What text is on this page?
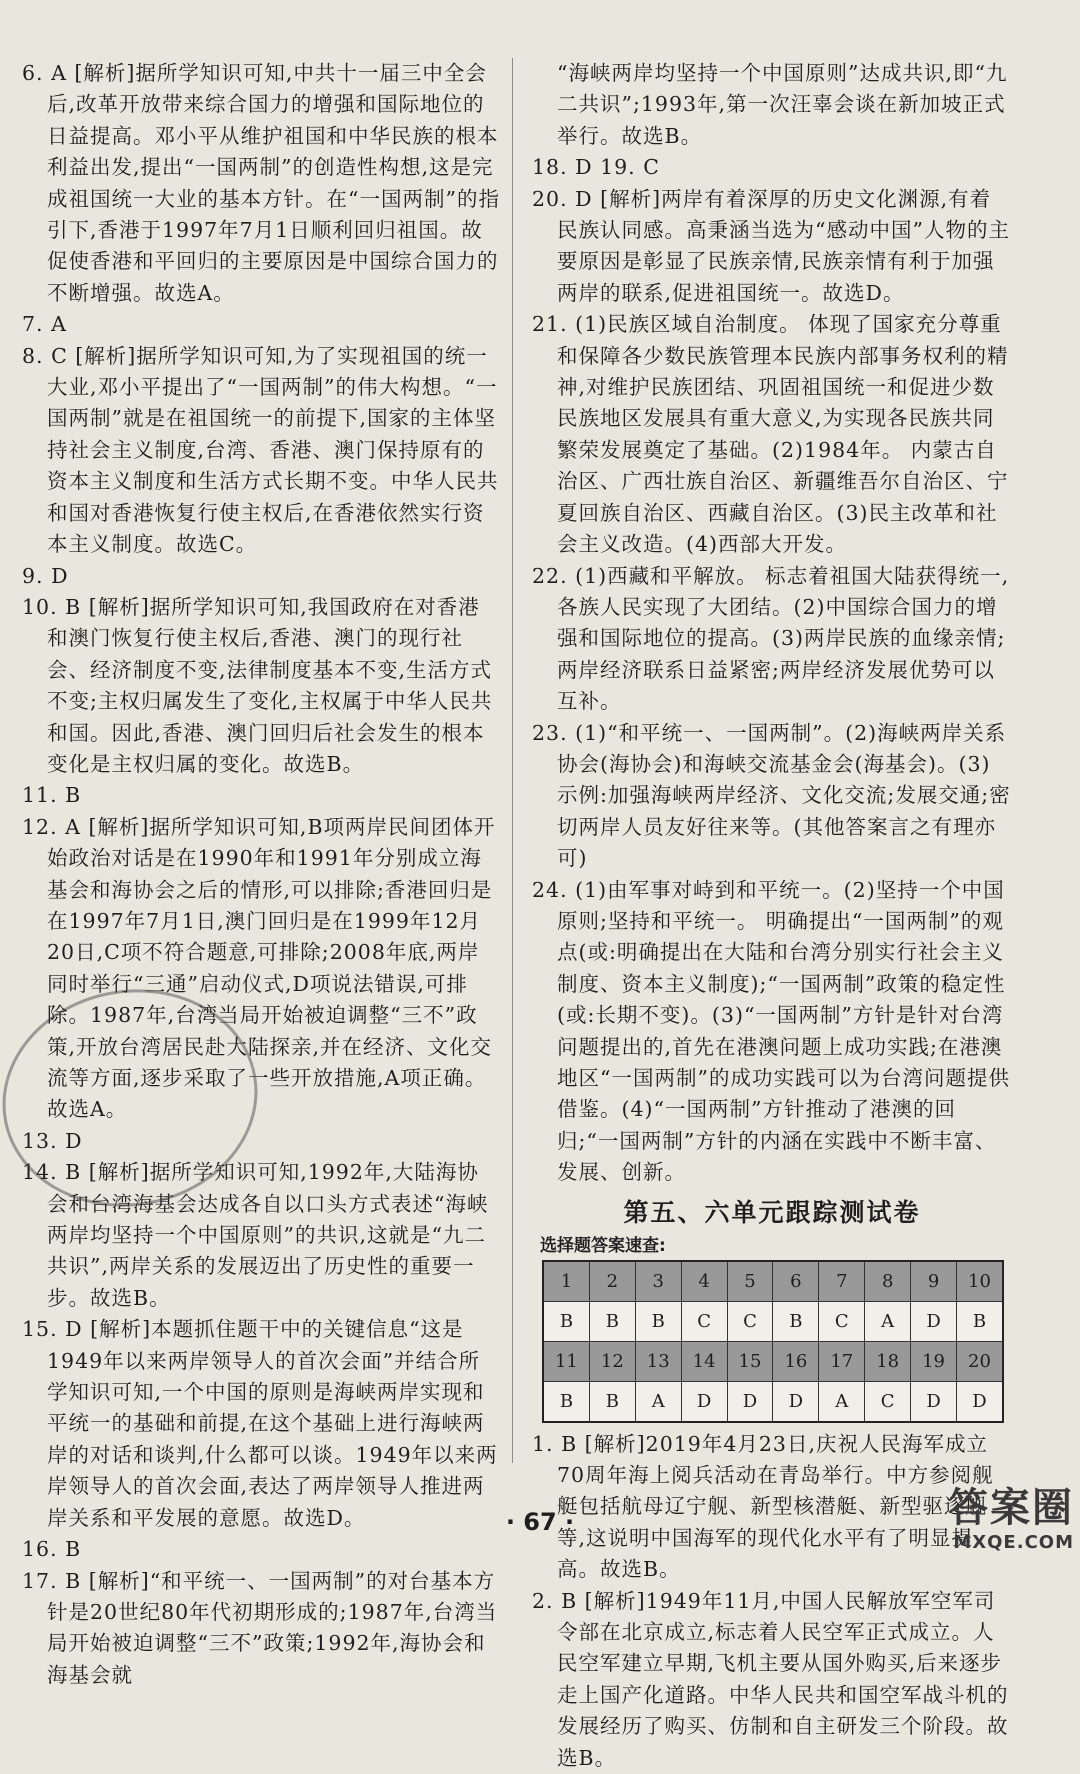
6. A [解析]据所学知识可知,中共十一届三中全会后,改革开放带来综合国力的增强和国际地位的日益提高。邓小平从维护祖国和中华民族的根本利益出发,提出“一国两制”的创造性构想,这是完成祖国统一大业的基本方针。在“一国两制”的指引下,香港于1997年7月1日顺利回归祖国。故促使香港和平回归的主要原因是中国综合国力的不断增强。故选A。
7. A
8. C [解析]据所学知识可知,为了实现祖国的统一大业,邓小平提出了“一国两制”的伟大构想。“一国两制”就是在祖国统一的前提下,国家的主体坚持社会主义制度,台湾、香港、澳门保持原有的资本主义制度和生活方式长期不变。中华人民共和国对香港恢复行使主权后,在香港依然实行资本主义制度。故选C。
9. D
10. B [解析]据所学知识可知,我国政府在对香港和澳门恢复行使主权后,香港、澳门的现行社会、经济制度不变,法律制度基本不变,生活方式不变;主权归属发生了变化,主权属于中华人民共和国。因此,香港、澳门回归后社会发生的根本变化是主权归属的变化。故选B。
11. B
12. A [解析]据所学知识可知,B项两岸民间团体开始政治对话是在1990年和1991年分别成立海基会和海协会之后的情形,可以排除;香港回归是在1997年7月1日,澳门回归是在1999年12月20日,C项不符合题意,可排除;2008年底,两岸同时举行“三通”启动仪式,D项说法错误,可排除。1987年,台湾当局开始被迫调整“三不”政策,开放台湾居民赴大陆探亲,并在经济、文化交流等方面,逐步采取了一些开放措施,A项正确。故选A。
13. D
14. B [解析]据所学知识可知,1992年,大陆海协会和台湾海基会达成各自以口头方式表述“海峡两岸均坚持一个中国原则”的共识,这就是“九二共识”,两岸关系的发展迈出了历史性的重要一步。故选B。
15. D [解析]本题抓住题干中的关键信息“这是1949年以来两岸领导人的首次会面”并结合所学知识可知,一个中国的原则是海峡两岸实现和平统一的基础和前提,在这个基础上进行海峡两岸的对话和谈判,什么都可以谈。1949年以来两岸领导人的首次会面,表达了两岸领导人推进两岸关系和平发展的意愿。故选D。
16. B
17. B [解析]“和平统一、一国两制”的对台基本方针是20世纪80年代初期形成的;1987年,台湾当局开始被迫调整“三不”政策;1992年,海协会和海基会就
“海峡两岸均坚持一个中国原则”达成共识,即“九二共识”;1993年,第一次汪辜会谈在新加坡正式举行。故选B。
18. D 19. C
20. D [解析]两岸有着深厚的历史文化渊源,有着民族认同感。高秉涵当选为“感动中国”人物的主要原因是彰显了民族亲情,民族亲情有利于加强两岸的联系,促进祖国统一。故选D。
21. (1)民族区域自治制度。 体现了国家充分尊重和保障各少数民族管理本民族内部事务权利的精神,对维护民族团结、巩固祖国统一和促进少数民族地区发展具有重大意义,为实现各民族共同繁荣发展奠定了基础。(2)1984年。 内蒙古自治区、广西壮族自治区、新疆维吾尔自治区、宁夏回族自治区、西藏自治区。(3)民主改革和社会主义改造。(4)西部大开发。
22. (1)西藏和平解放。 标志着祖国大陆获得统一,各族人民实现了大团结。(2)中国综合国力的增强和国际地位的提高。(3)两岸民族的血缘亲情;两岸经济联系日益紧密;两岸经济发展优势可以互补。
23. (1)“和平统一、一国两制”。(2)海峡两岸关系协会(海协会)和海峡交流基金会(海基会)。(3)示例:加强海峡两岸经济、文化交流;发展交通;密切两岸人员友好往来等。(其他答案言之有理亦可)
24. (1)由军事对峙到和平统一。(2)坚持一个中国原则;坚持和平统一。 明确提出“一国两制”的观点(或:明确提出在大陆和台湾分别实行社会主义制度、资本主义制度);“一国两制”政策的稳定性(或:长期不变)。(3)“一国两制”方针是针对台湾问题提出的,首先在港澳问题上成功实践;在港澳地区“一国两制”的成功实践可以为台湾问题提供借鉴。(4)“一国两制”方针推动了港澳的回归;“一国两制”方针的内涵在实践中不断丰富、发展、创新。
第五、六单元跟踪测试卷
选择题答案速查:
1	2	3	4	5	6	7	8	9	10
B	B	B	C	C	B	C	A	D	B
11	12	13	14	15	16	17	18	19	20
B	B	A	D	D	D	A	C	D	D
1. B [解析]2019年4月23日,庆祝人民海军成立70周年海上阅兵活动在青岛举行。中方参阅舰艇包括航母辽宁舰、新型核潜艇、新型驱逐舰等,这说明中国海军的现代化水平有了明显提高。故选B。
2. B [解析]1949年11月,中国人民解放军空军司令部在北京成立,标志着人民空军正式成立。人民空军建立早期,飞机主要从国外购买,后来逐步走上国产化道路。中华人民共和国空军战斗机的发展经历了购买、仿制和自主研发三个阶段。故选B。
· 67 ·	答案圈
MXQE.COM
